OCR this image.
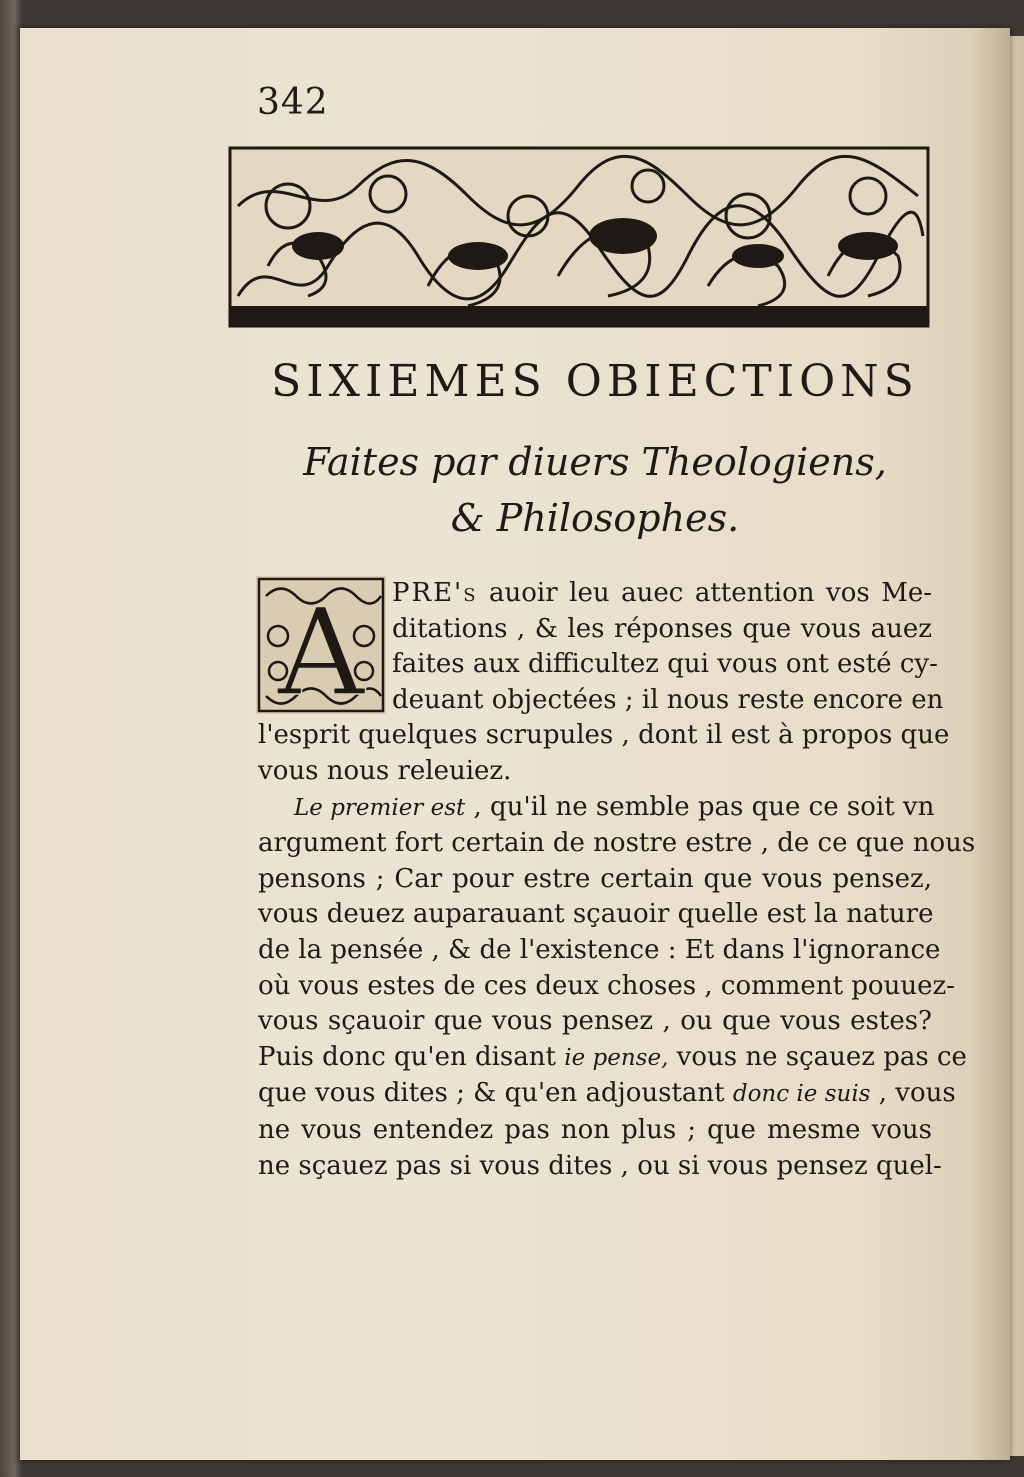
342
SIXIEMES OBIECTIONS
Faites par diuers Theologiens,
& Philosophes.
A	PRE's auoir leu auec attention vos Me-
ditations , & les réponses que vous auez
faites aux difficultez qui vous ont esté cy-
deuant objectées ; il nous reste encore en
l'esprit quelques scrupules , dont il est à propos que
vous nous releuiez.
Le premier est , qu'il ne semble pas que ce soit vn
argument fort certain de nostre estre , de ce que nous
pensons ; Car pour estre certain que vous pensez,
vous deuez auparauant sçauoir quelle est la nature
de la pensée , & de l'existence : Et dans l'ignorance
où vous estes de ces deux choses , comment pouuez-
vous sçauoir que vous pensez , ou que vous estes?
Puis donc qu'en disant ie pense, vous ne sçauez pas ce
que vous dites ; & qu'en adjoustant donc ie suis , vous
ne vous entendez pas non plus ; que mesme vous
ne sçauez pas si vous dites , ou si vous pensez quel-
